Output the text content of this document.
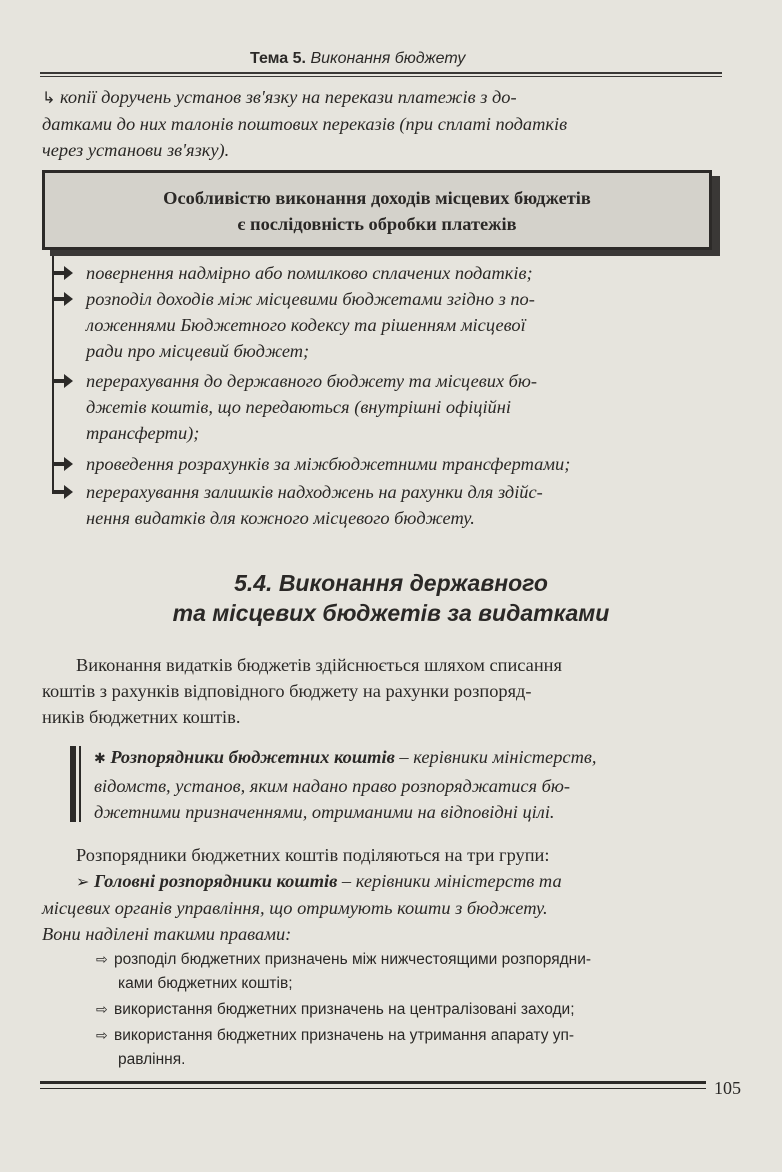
Тема 5. Виконання бюджету
↳ копії доручень установ зв'язку на перекази платежів з до-
датками до них талонів поштових переказів (при сплаті податків
через установи зв'язку).
Особливістю виконання доходів місцевих бюджетів
є послідовність обробки платежів
повернення надмірно або помилково сплачених податків;
розподіл доходів між місцевими бюджетами згідно з по-
ложеннями Бюджетного кодексу та рішенням місцевої
ради про місцевий бюджет;
перерахування до державного бюджету та місцевих бю-
джетів коштів, що передаються (внутрішні офіційні
трансферти);
проведення розрахунків за міжбюджетними трансфертами;
перерахування залишків надходжень на рахунки для здійс-
нення видатків для кожного місцевого бюджету.
5.4. Виконання державного
та місцевих бюджетів за видатками
Виконання видатків бюджетів здійснюється шляхом списання
коштів з рахунків відповідного бюджету на рахунки розпоряд-
ників бюджетних коштів.
✱ Розпорядники бюджетних коштів – керівники міністерств,
відомств, установ, яким надано право розпоряджатися бю-
джетними призначеннями, отриманими на відповідні цілі.
Розпорядники бюджетних коштів поділяються на три групи:
➢ Головні розпорядники коштів – керівники міністерств та
місцевих органів управління, що отримують кошти з бюджету.
Вони наділені такими правами:
⇨ розподіл бюджетних призначень між нижчестоящими розпорядни-
ками бюджетних коштів;
⇨ використання бюджетних призначень на централізовані заходи;
⇨ використання бюджетних призначень на утримання апарату уп-
равління.
105
